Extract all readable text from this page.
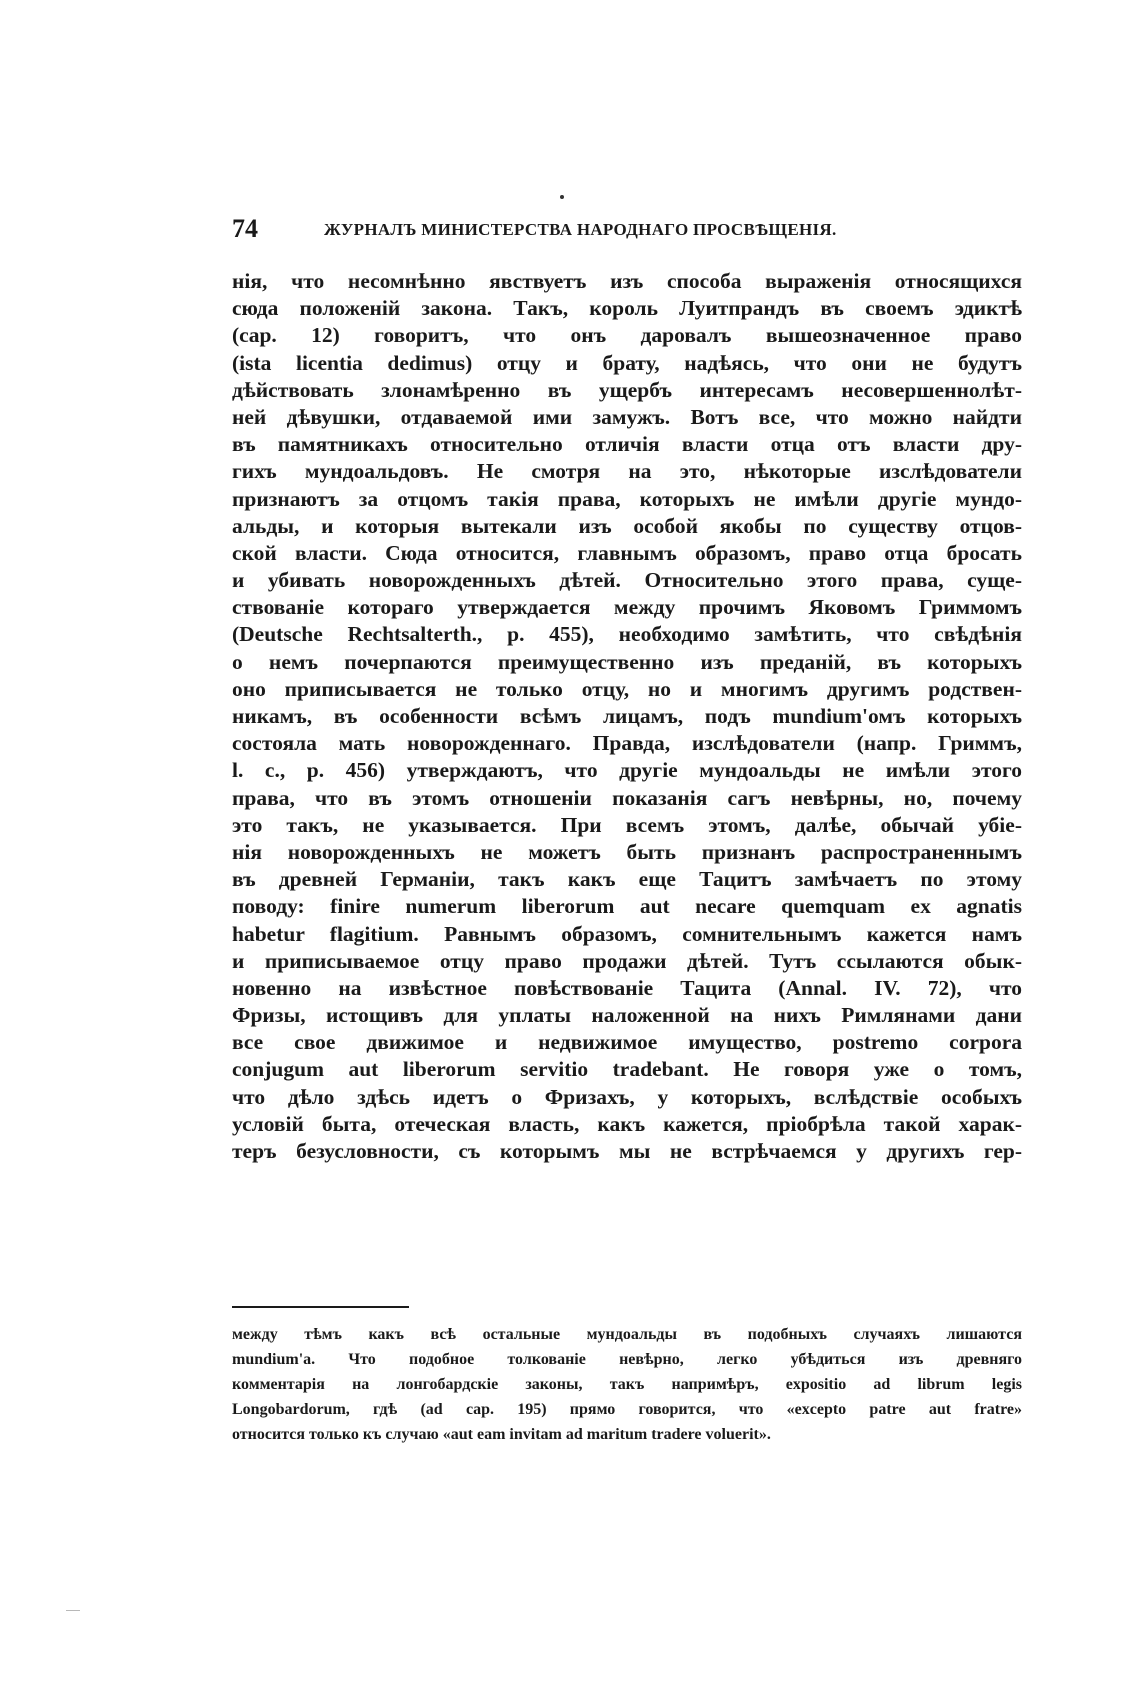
74	ЖУРНАЛЪ МИНИСТЕРСТВА НАРОДНАГО ПРОСВѢЩЕНІЯ.
нія, что несомнѣнно явствуетъ изъ способа выраженія относящихся
сюда положеній закона. Такъ, король Луитпрандъ въ своемъ эдиктѣ
(cap. 12) говоритъ, что онъ даровалъ вышеозначенное право
(ista licentia dedimus) отцу и брату, надѣясь, что они не будутъ
дѣйствовать злонамѣренно въ ущербъ интересамъ несовершеннолѣт-
ней дѣвушки, отдаваемой ими замужъ. Вотъ все, что можно найдти
въ памятникахъ относительно отличія власти отца отъ власти дру-
гихъ мундоальдовъ. Не смотря на это, нѣкоторые изслѣдователи
признаютъ за отцомъ такія права, которыхъ не имѣли другіе мундо-
альды, и которыя вытекали изъ особой якобы по существу отцов-
ской власти. Сюда относится, главнымъ образомъ, право отца бросать
и убивать новорожденныхъ дѣтей. Относительно этого права, суще-
ствованіе котораго утверждается между прочимъ Яковомъ Гриммомъ
(Deutsche Rechtsalterth., p. 455), необходимо замѣтить, что свѣдѣнія
о немъ почерпаются преимущественно изъ преданій, въ которыхъ
оно приписывается не только отцу, но и многимъ другимъ родствен-
никамъ, въ особенности всѣмъ лицамъ, подъ mundium'омъ которыхъ
состояла мать новорожденнаго. Правда, изслѣдователи (напр. Гриммъ,
l. c., p. 456) утверждаютъ, что другіе мундоальды не имѣли этого
права, что въ этомъ отношеніи показанія сагъ невѣрны, но, почему
это такъ, не указывается. При всемъ этомъ, далѣе, обычай убіе-
нія новорожденныхъ не можетъ быть признанъ распространеннымъ
въ древней Германіи, такъ какъ еще Тацитъ замѣчаетъ по этому
поводу: finire numerum liberorum aut necare quemquam ex agnatis
habetur flagitium. Равнымъ образомъ, сомнительнымъ кажется намъ
и приписываемое отцу право продажи дѣтей. Тутъ ссылаются обык-
новенно на извѣстное повѣствованіе Тацита (Annal. IV. 72), что
Фризы, истощивъ для уплаты наложенной на нихъ Римлянами дани
все свое движимое и недвижимое имущество, postremo corpora
conjugum aut liberorum servitio tradebant. Не говоря уже о томъ,
что дѣло здѣсь идетъ о Фризахъ, у которыхъ, вслѣдствіе особыхъ
условій быта, отеческая власть, какъ кажется, пріобрѣла такой харак-
теръ безусловности, съ которымъ мы не встрѣчаемся у другихъ гер-
между тѣмъ какъ всѣ остальные мундоальды въ подобныхъ случаяхъ лишаются
mundium'а. Что подобное толкованіе невѣрно, легко убѣдиться изъ древняго
комментарія на лонгобардскіе законы, такъ напримѣръ, expositio ad librum legis
Longobardorum, гдѣ (ad cap. 195) прямо говорится, что «excepto patre aut fratre»
относится только къ случаю «aut eam invitam ad maritum tradere voluerit».
